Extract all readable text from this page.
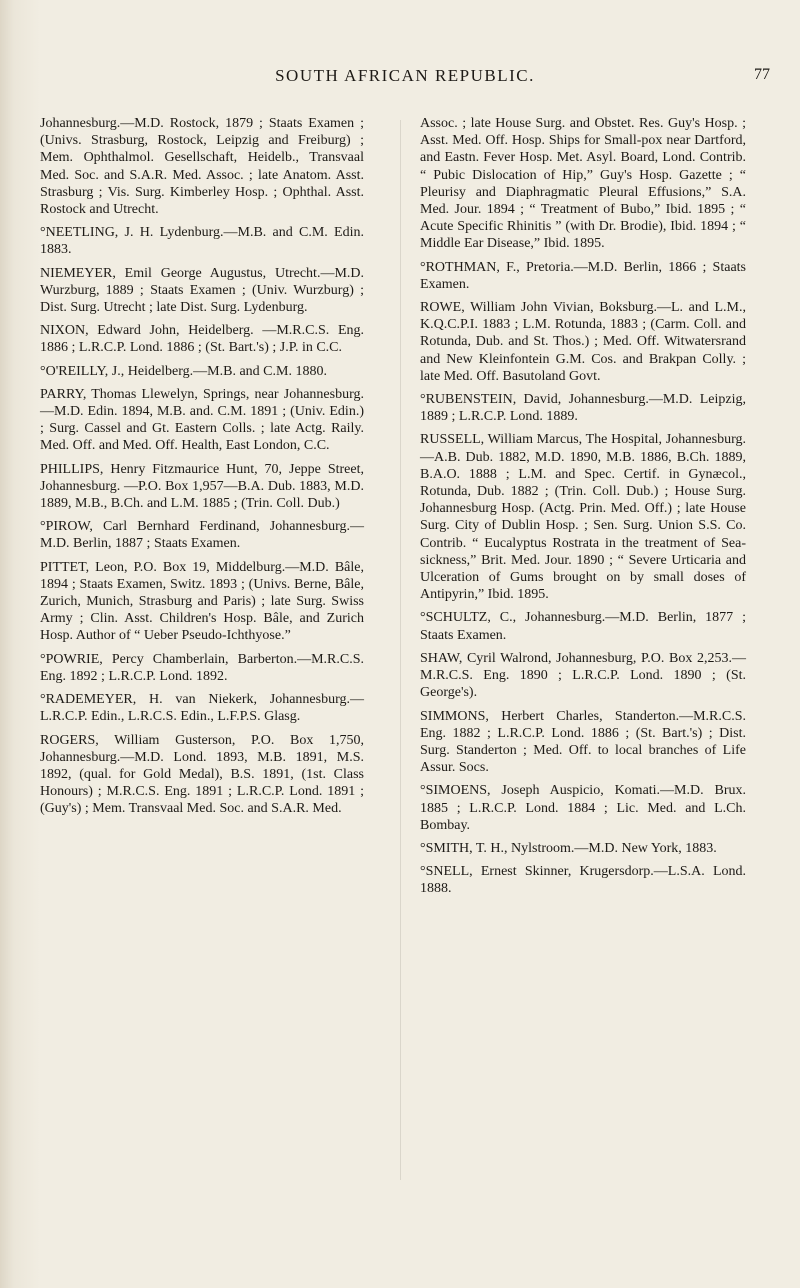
SOUTH AFRICAN REPUBLIC.	77

Johannesburg.—M.D. Rostock, 1879 ; Staats Examen ; (Univs. Strasburg, Rostock, Leipzig and Freiburg) ; Mem. Ophthalmol. Gesellschaft, Heidelb., Transvaal Med. Soc. and S.A.R. Med. Assoc. ; late Anatom. Asst. Strasburg ; Vis. Surg. Kimberley Hosp. ; Ophthal. Asst. Rostock and Utrecht.

°NEETLING, J. H. Lydenburg.—M.B. and C.M. Edin. 1883.

NIEMEYER, Emil George Augustus, Utrecht.—M.D. Wurzburg, 1889 ; Staats Examen ; (Univ. Wurzburg) ; Dist. Surg. Utrecht ; late Dist. Surg. Lydenburg.

NIXON, Edward John, Heidelberg. —M.R.C.S. Eng. 1886 ; L.R.C.P. Lond. 1886 ; (St. Bart.'s) ; J.P. in C.C.

°O'REILLY, J., Heidelberg.—M.B. and C.M. 1880.

PARRY, Thomas Llewelyn, Springs, near Johannesburg.—M.D. Edin. 1894, M.B. and. C.M. 1891 ; (Univ. Edin.) ; Surg. Cassel and Gt. Eastern Colls. ; late Actg. Raily. Med. Off. and Med. Off. Health, East London, C.C.

PHILLIPS, Henry Fitzmaurice Hunt, 70, Jeppe Street, Johannesburg. —P.O. Box 1,957—B.A. Dub. 1883, M.D. 1889, M.B., B.Ch. and L.M. 1885 ; (Trin. Coll. Dub.)

°PIROW, Carl Bernhard Ferdinand, Johannesburg.—M.D. Berlin, 1887 ; Staats Examen.

PITTET, Leon, P.O. Box 19, Middelburg.—M.D. Bâle, 1894 ; Staats Examen, Switz. 1893 ; (Univs. Berne, Bâle, Zurich, Munich, Strasburg and Paris) ; late Surg. Swiss Army ; Clin. Asst. Children's Hosp. Bâle, and Zurich Hosp. Author of “ Ueber Pseudo-Ichthyose.”

°POWRIE, Percy Chamberlain, Barberton.—M.R.C.S. Eng. 1892 ; L.R.C.P. Lond. 1892.

°RADEMEYER, H. van Niekerk, Johannesburg.—L.R.C.P. Edin., L.R.C.S. Edin., L.F.P.S. Glasg.

ROGERS, William Gusterson, P.O. Box 1,750, Johannesburg.—M.D. Lond. 1893, M.B. 1891, M.S. 1892, (qual. for Gold Medal), B.S. 1891, (1st. Class Honours) ; M.R.C.S. Eng. 1891 ; L.R.C.P. Lond. 1891 ; (Guy's) ; Mem. Transvaal Med. Soc. and S.A.R. Med.

Assoc. ; late House Surg. and Obstet. Res. Guy's Hosp. ; Asst. Med. Off. Hosp. Ships for Small-pox near Dartford, and Eastn. Fever Hosp. Met. Asyl. Board, Lond. Contrib. “ Pubic Dislocation of Hip,” Guy's Hosp. Gazette ; “ Pleurisy and Diaphragmatic Pleural Effusions,” S.A. Med. Jour. 1894 ; “ Treatment of Bubo,” Ibid. 1895 ; “ Acute Specific Rhinitis ” (with Dr. Brodie), Ibid. 1894 ; “ Middle Ear Disease,” Ibid. 1895.

°ROTHMAN, F., Pretoria.—M.D. Berlin, 1866 ; Staats Examen.

ROWE, William John Vivian, Boksburg.—L. and L.M., K.Q.C.P.I. 1883 ; L.M. Rotunda, 1883 ; (Carm. Coll. and Rotunda, Dub. and St. Thos.) ; Med. Off. Witwatersrand and New Kleinfontein G.M. Cos. and Brakpan Colly. ; late Med. Off. Basutoland Govt.

°RUBENSTEIN, David, Johannesburg.—M.D. Leipzig, 1889 ; L.R.C.P. Lond. 1889.

RUSSELL, William Marcus, The Hospital, Johannesburg.—A.B. Dub. 1882, M.D. 1890, M.B. 1886, B.Ch. 1889, B.A.O. 1888 ; L.M. and Spec. Certif. in Gynæcol., Rotunda, Dub. 1882 ; (Trin. Coll. Dub.) ; House Surg. Johannesburg Hosp. (Actg. Prin. Med. Off.) ; late House Surg. City of Dublin Hosp. ; Sen. Surg. Union S.S. Co. Contrib. “ Eucalyptus Rostrata in the treatment of Sea-sickness,” Brit. Med. Jour. 1890 ; “ Severe Urticaria and Ulceration of Gums brought on by small doses of Antipyrin,” Ibid. 1895.

°SCHULTZ, C., Johannesburg.—M.D. Berlin, 1877 ; Staats Examen.

SHAW, Cyril Walrond, Johannesburg, P.O. Box 2,253.—M.R.C.S. Eng. 1890 ; L.R.C.P. Lond. 1890 ; (St. George's).

SIMMONS, Herbert Charles, Standerton.—M.R.C.S. Eng. 1882 ; L.R.C.P. Lond. 1886 ; (St. Bart.'s) ; Dist. Surg. Standerton ; Med. Off. to local branches of Life Assur. Socs.

°SIMOENS, Joseph Auspicio, Komati.—M.D. Brux. 1885 ; L.R.C.P. Lond. 1884 ; Lic. Med. and L.Ch. Bombay.

°SMITH, T. H., Nylstroom.—M.D. New York, 1883.

°SNELL, Ernest Skinner, Krugersdorp.—L.S.A. Lond. 1888.
